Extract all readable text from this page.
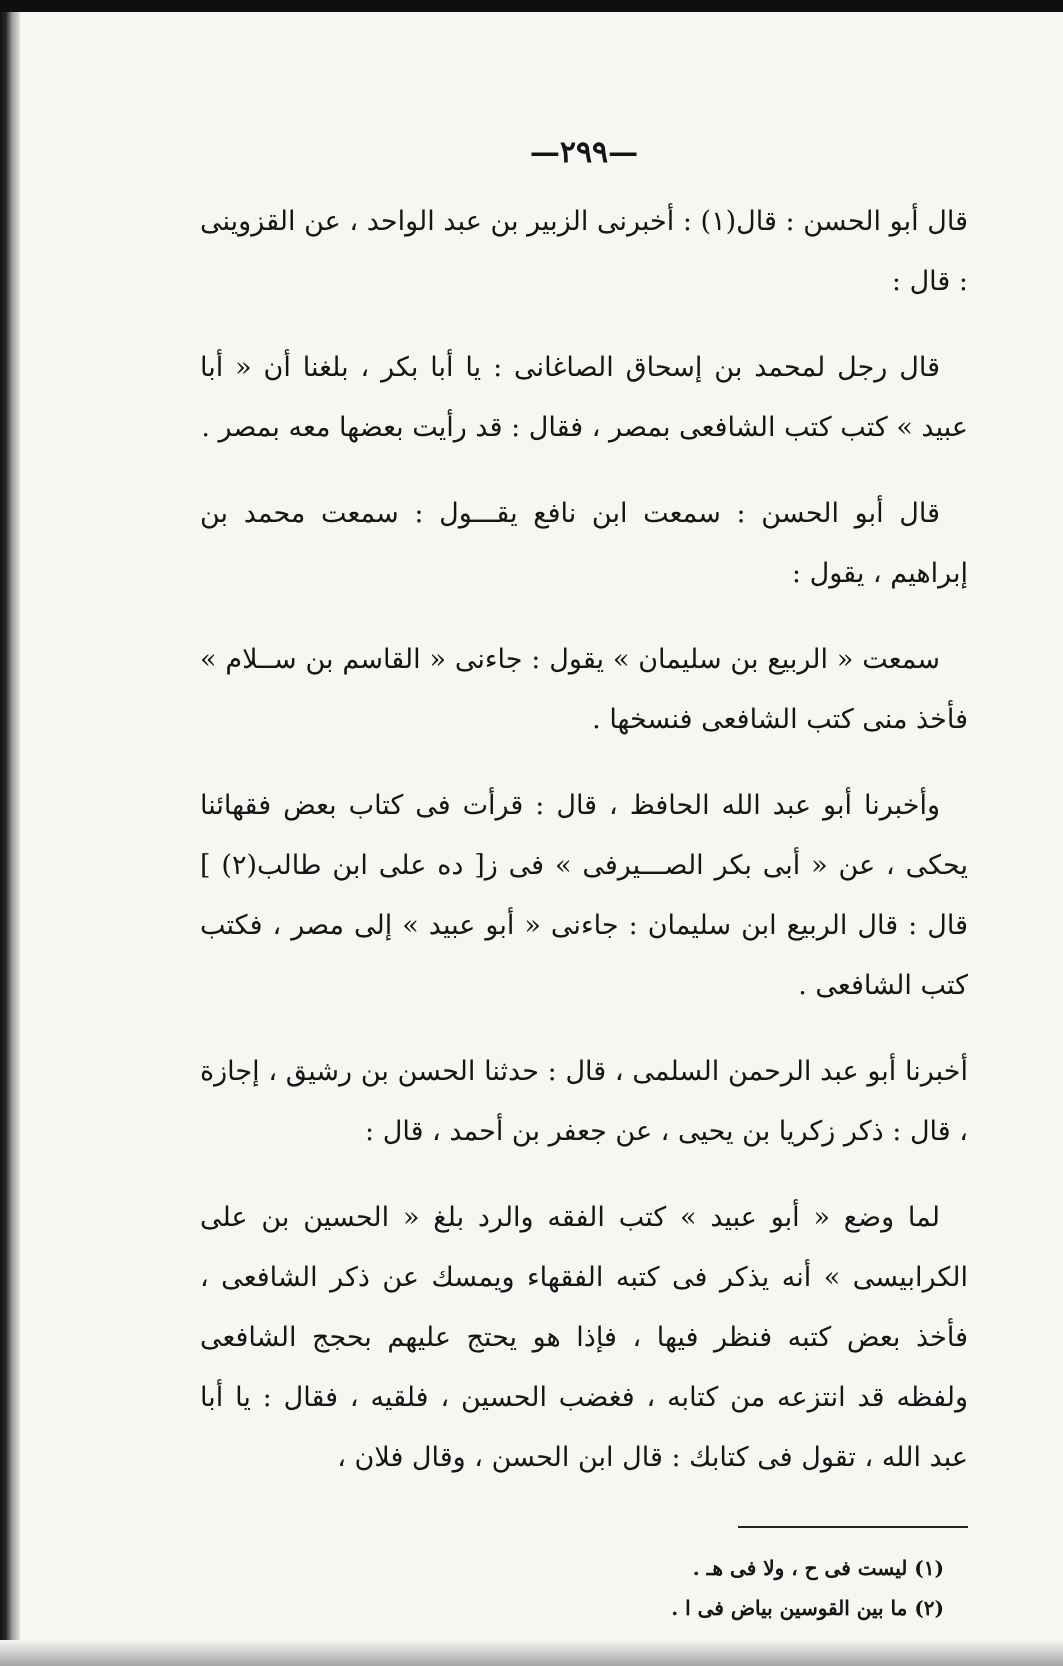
—٢٩٩—

قال أبو الحسن : قال(١) : أخبرنى الزبير بن عبد الواحد ، عن القزوينى : قال :

قال رجل لمحمد بن إسحاق الصاغانى : يا أبا بكر ، بلغنا أن « أبا عبيد » كتب كتب الشافعى بمصر ، فقال : قد رأيت بعضها معه بمصر .

قال أبو الحسن : سمعت ابن نافع يقـــول : سمعت محمد بن إبراهيم ، يقول :

سمعت « الربيع بن سليمان » يقول : جاءنى « القاسم بن ســلام » فأخذ منى كتب الشافعى فنسخها .

وأخبرنا أبو عبد الله الحافظ ، قال : قرأت فى كتاب بعض فقهائنا يحكى ، عن « أبى بكر الصـــيرفى » فى ز[ ده على ابن طالب(٢) ] قال : قال الربيع ابن سليمان : جاءنى « أبو عبيد » إلى مصر ، فكتب كتب الشافعى .

أخبرنا أبو عبد الرحمن السلمى ، قال : حدثنا الحسن بن رشيق ، إجازة ، قال : ذكر زكريا بن يحيى ، عن جعفر بن أحمد ، قال :

لما وضع « أبو عبيد » كتب الفقه والرد بلغ « الحسين بن على الكرابيسى » أنه يذكر فى كتبه الفقهاء ويمسك عن ذكر الشافعى ، فأخذ بعض كتبه فنظر فيها ، فإذا هو يحتج عليهم بحجج الشافعى ولفظه قد انتزعه من كتابه ، فغضب الحسين ، فلقيه ، فقال : يا أبا عبد الله ، تقول فى كتابك : قال ابن الحسن ، وقال فلان ،

(١) ليست فى ح ، ولا فى هـ .

(٢) ما بين القوسين بياض فى ا .
